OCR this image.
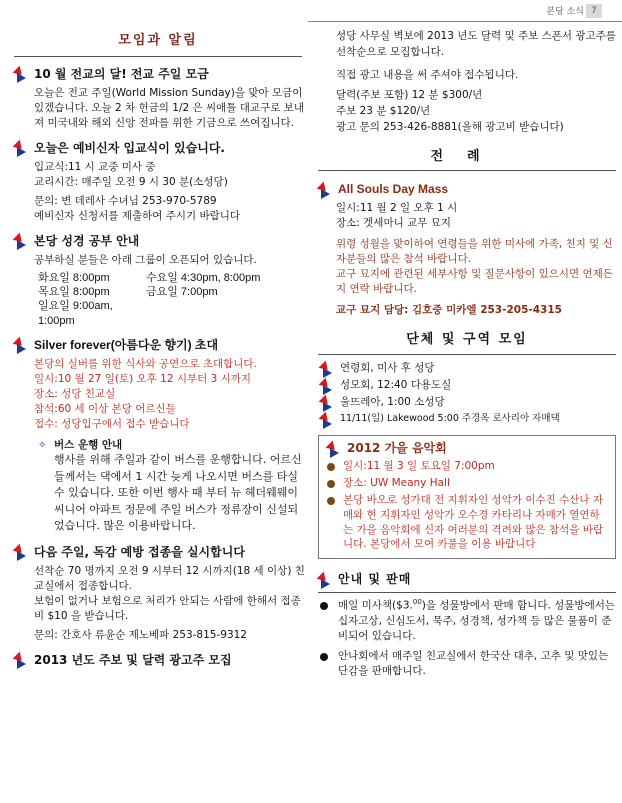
본당 소식 7
모임과 알림
10 월 전교의 달! 전교 주일 모금
오늘은 전교 주일(World Mission Sunday)을 맞아 모금이 있겠습니다. 오늘 2 차 헌금의 1/2 은 씨애틀 대교구로 보내져 미국내와 해외 신앙 전파를 위한 기금으로 쓰여집니다.
오늘은 예비신자 입교식이 있습니다.
입교식:11 시 교중 미사 중
교리시간: 매주일 오전 9 시 30 분(소성당)
문의: 변 데레사 수녀님 253-970-5789
예비신자 신청서를 제출하여 주시기 바랍니다
본당 성경 공부 안내
공부하실 분들은 아래 그룹이 오픈되어 있습니다.
화요일 8:00pm	수요일 4:30pm, 8:00pm
목요일 8:00pm	금요일 7:00pm
일요일 9:00am, 1:00pm
Silver forever(아름다운 향기) 초대
본당의 실버를 위한 식사와 공연으로 초대합니다.
일시:10 월 27 일(토) 오후 12 시부터 3 시까지
장소: 성당 친교실
참석:60 세 이상 본당 어르신들
접수: 성당입구에서 접수 받습니다
✧ 버스 운행 안내
행사를 위해 주일과 같이 버스를 운행합니다. 어르신들께서는 댁에서 1 시간 늦게 나오시면 버스를 타실 수 있습니다. 또한 이번 행사 때 부터 뉴 헤더웨웨이 씨니어 아파트 정문에 주일 버스가 정류장이 신설되었습니다. 많은 이용바랍니다.
다음 주일, 독감 예방 접종을 실시합니다
선착순 70 명까지 오전 9 시부터 12 시까지(18 세 이상) 친교실에서 접종합니다.
보험이 없거나 보험으로 처리가 안되는 사람에 한해서 접종비 $10 을 받습니다.
문의: 간호사 류윤순 제노베파 253-815-9312
2013 년도 주보 및 달력 광고주 모집
성당 사무실 벽보에 2013 년도 달력 및 주보 스폰서 광고주를 선착순으로 모집합니다.
직접 광고 내용을 써 주셔야 접수됩니다.
달력(주보 포함) 12 분 $300/년
주보 23 분 $120/년
광고 문의 253-426-8881(올해 광고비 받습니다)
전례
All Souls Day Mass
일시:11 월 2 일 오후 1 시
장소: 겟세마니 교무 묘지
위령 성월을 맞이하여 연령들을 위한 미사에 가족, 친지 및 신자분들의 많은 참석 바랍니다.
교구 묘지에 관련된 세부사항 및 질문사항이 있으시면 언제든지 연락 바랍니다.
교구 묘지 담당: 김호중 미카엘 253-205-4315
단체 및 구역 모임
연령회, 미사 후 성당
성모회, 12:40 다용도실
울뜨레아, 1:00 소성당
11/11(일) Lakewood 5:00 주경옥 로사리아 자매댁
2012 가을 음악회
일시:11 월 3 일 토요일 7:00pm
장소: UW Meany Hall
본당 바오로 성가대 전 지휘자인 성악가 이수진 수산나 자매와 현 지휘자인 성악가 오수경 카타리나 자매가 열연하는 가을 음악회에 신자 여러분의 격려와 많은 참석을 바랍니다. 본당에서 모여 카풀을 이용 바랍니다
안내 및 판매
매일 미사책($3.00)을 성물방에서 판매 합니다. 성물방에서는 십자고상, 신심도서, 묵주, 성경책, 성가책 등 많은 물품이 준비되어 있습니다.
안나회에서 매주일 친교실에서 한국산 대추, 고추 및 맛있는 단감을 판매합니다.
